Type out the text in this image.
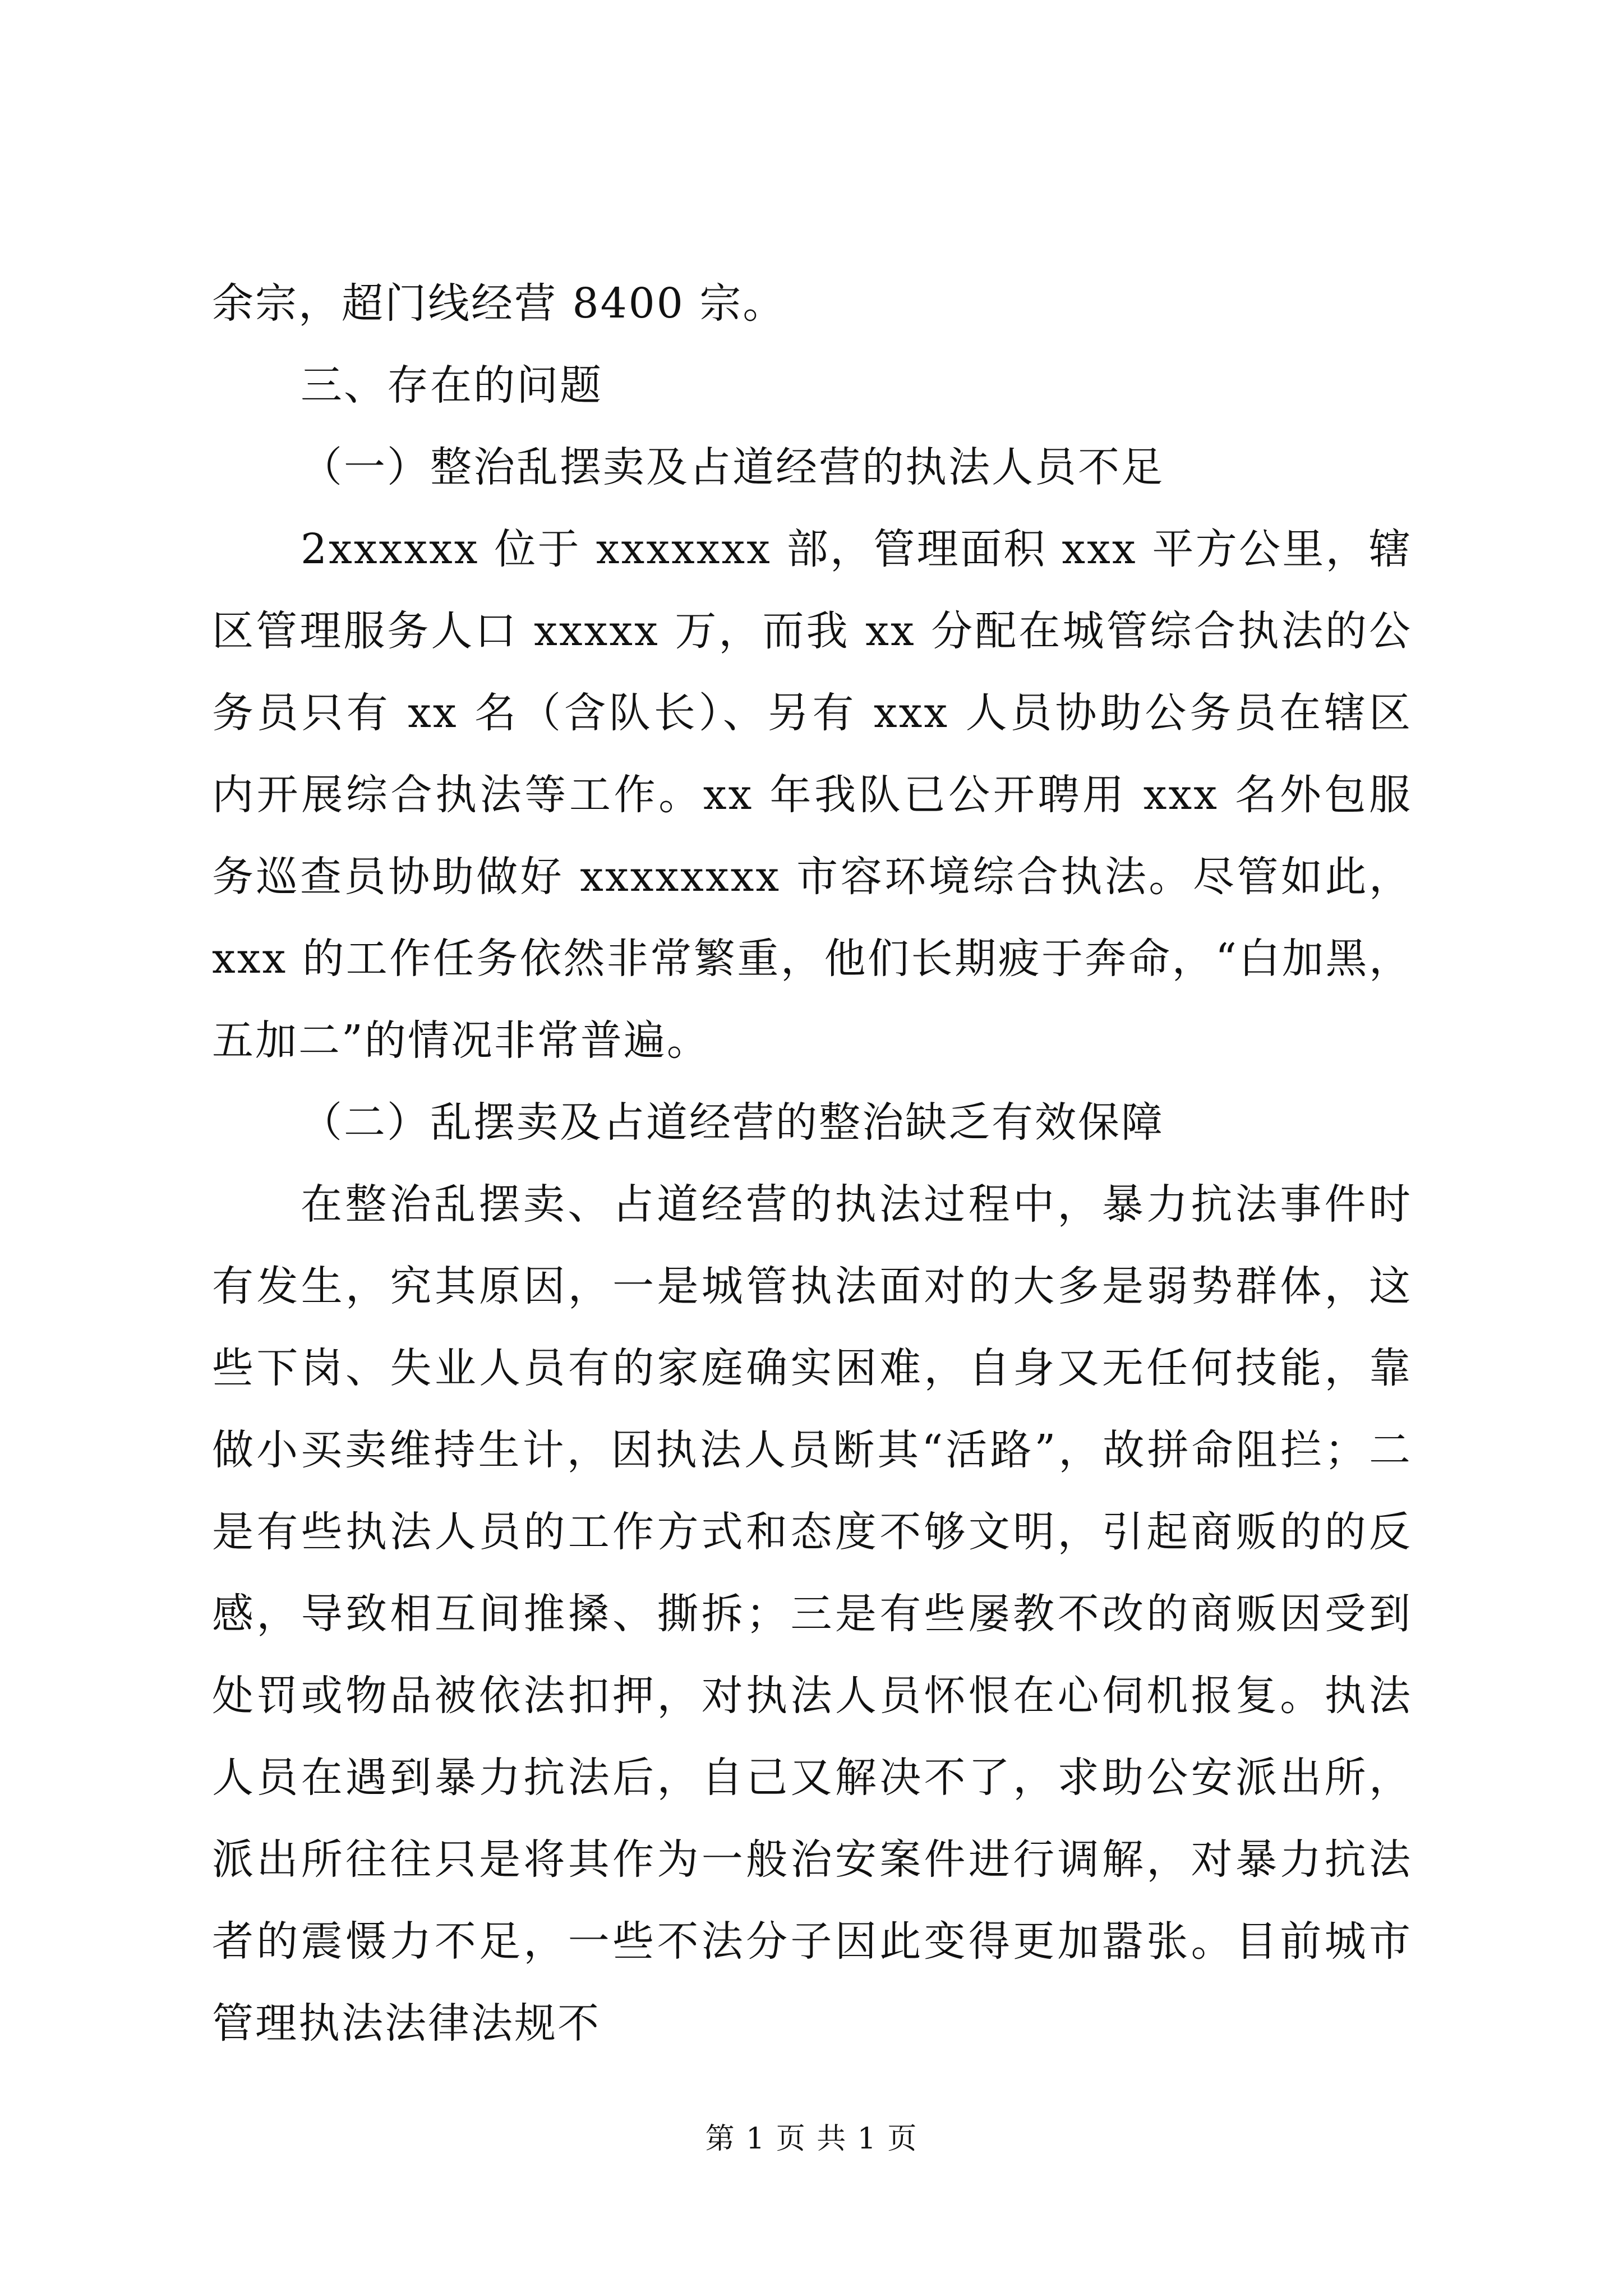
余宗，超门线经营 8400 宗。

三、存在的问题

（一）整治乱摆卖及占道经营的执法人员不足

2xxxxxx 位于 xxxxxxx 部，管理面积 xxx 平方公里，辖区管理服务人口 xxxxx 万，而我 xx 分配在城管综合执法的公务员只有 xx 名（含队长）、另有 xxx 人员协助公务员在辖区内开展综合执法等工作。xx 年我队已公开聘用 xxx 名外包服务巡查员协助做好 xxxxxxxx 市容环境综合执法。尽管如此，xxx 的工作任务依然非常繁重，他们长期疲于奔命，“白加黑，五加二”的情况非常普遍。

（二）乱摆卖及占道经营的整治缺乏有效保障

在整治乱摆卖、占道经营的执法过程中，暴力抗法事件时有发生，究其原因，一是城管执法面对的大多是弱势群体，这些下岗、失业人员有的家庭确实困难，自身又无任何技能，靠做小买卖维持生计，因执法人员断其“活路”，故拼命阻拦；二是有些执法人员的工作方式和态度不够文明，引起商贩的的反感，导致相互间推搡、撕拆；三是有些屡教不改的商贩因受到处罚或物品被依法扣押，对执法人员怀恨在心伺机报复。执法人员在遇到暴力抗法后，自己又解决不了，求助公安派出所，派出所往往只是将其作为一般治安案件进行调解，对暴力抗法者的震慑力不足，一些不法分子因此变得更加嚣张。目前城市管理执法法律法规不

第 1 页 共 1 页
